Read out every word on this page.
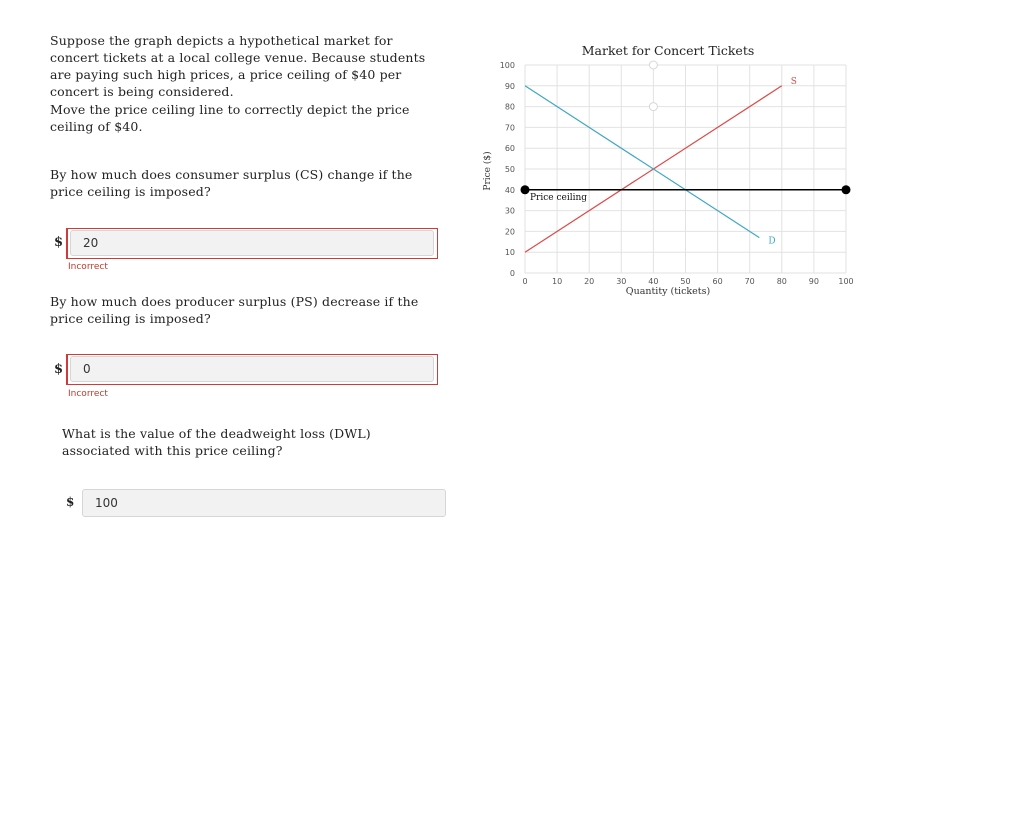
Suppose the graph depicts a hypothetical market for concert tickets at a local college venue. Because students are paying such high prices, a price ceiling of $40 per concert is being considered.
Move the price ceiling line to correctly depict the price ceiling of $40.
By how much does consumer surplus (CS) change if the price ceiling is imposed?
$	20
Incorrect
By how much does producer surplus (PS) decrease if the price ceiling is imposed?
$	0
Incorrect
What is the value of the deadweight loss (DWL) associated with this price ceiling?
$	100
0	10	20	30	40	50	60	70	80	90 100
0
10
20
30
40
50
60
70
80
90
100
S
D
Price ceiling
Market for Concert Tickets
Quantity (tickets)
Price ($)
